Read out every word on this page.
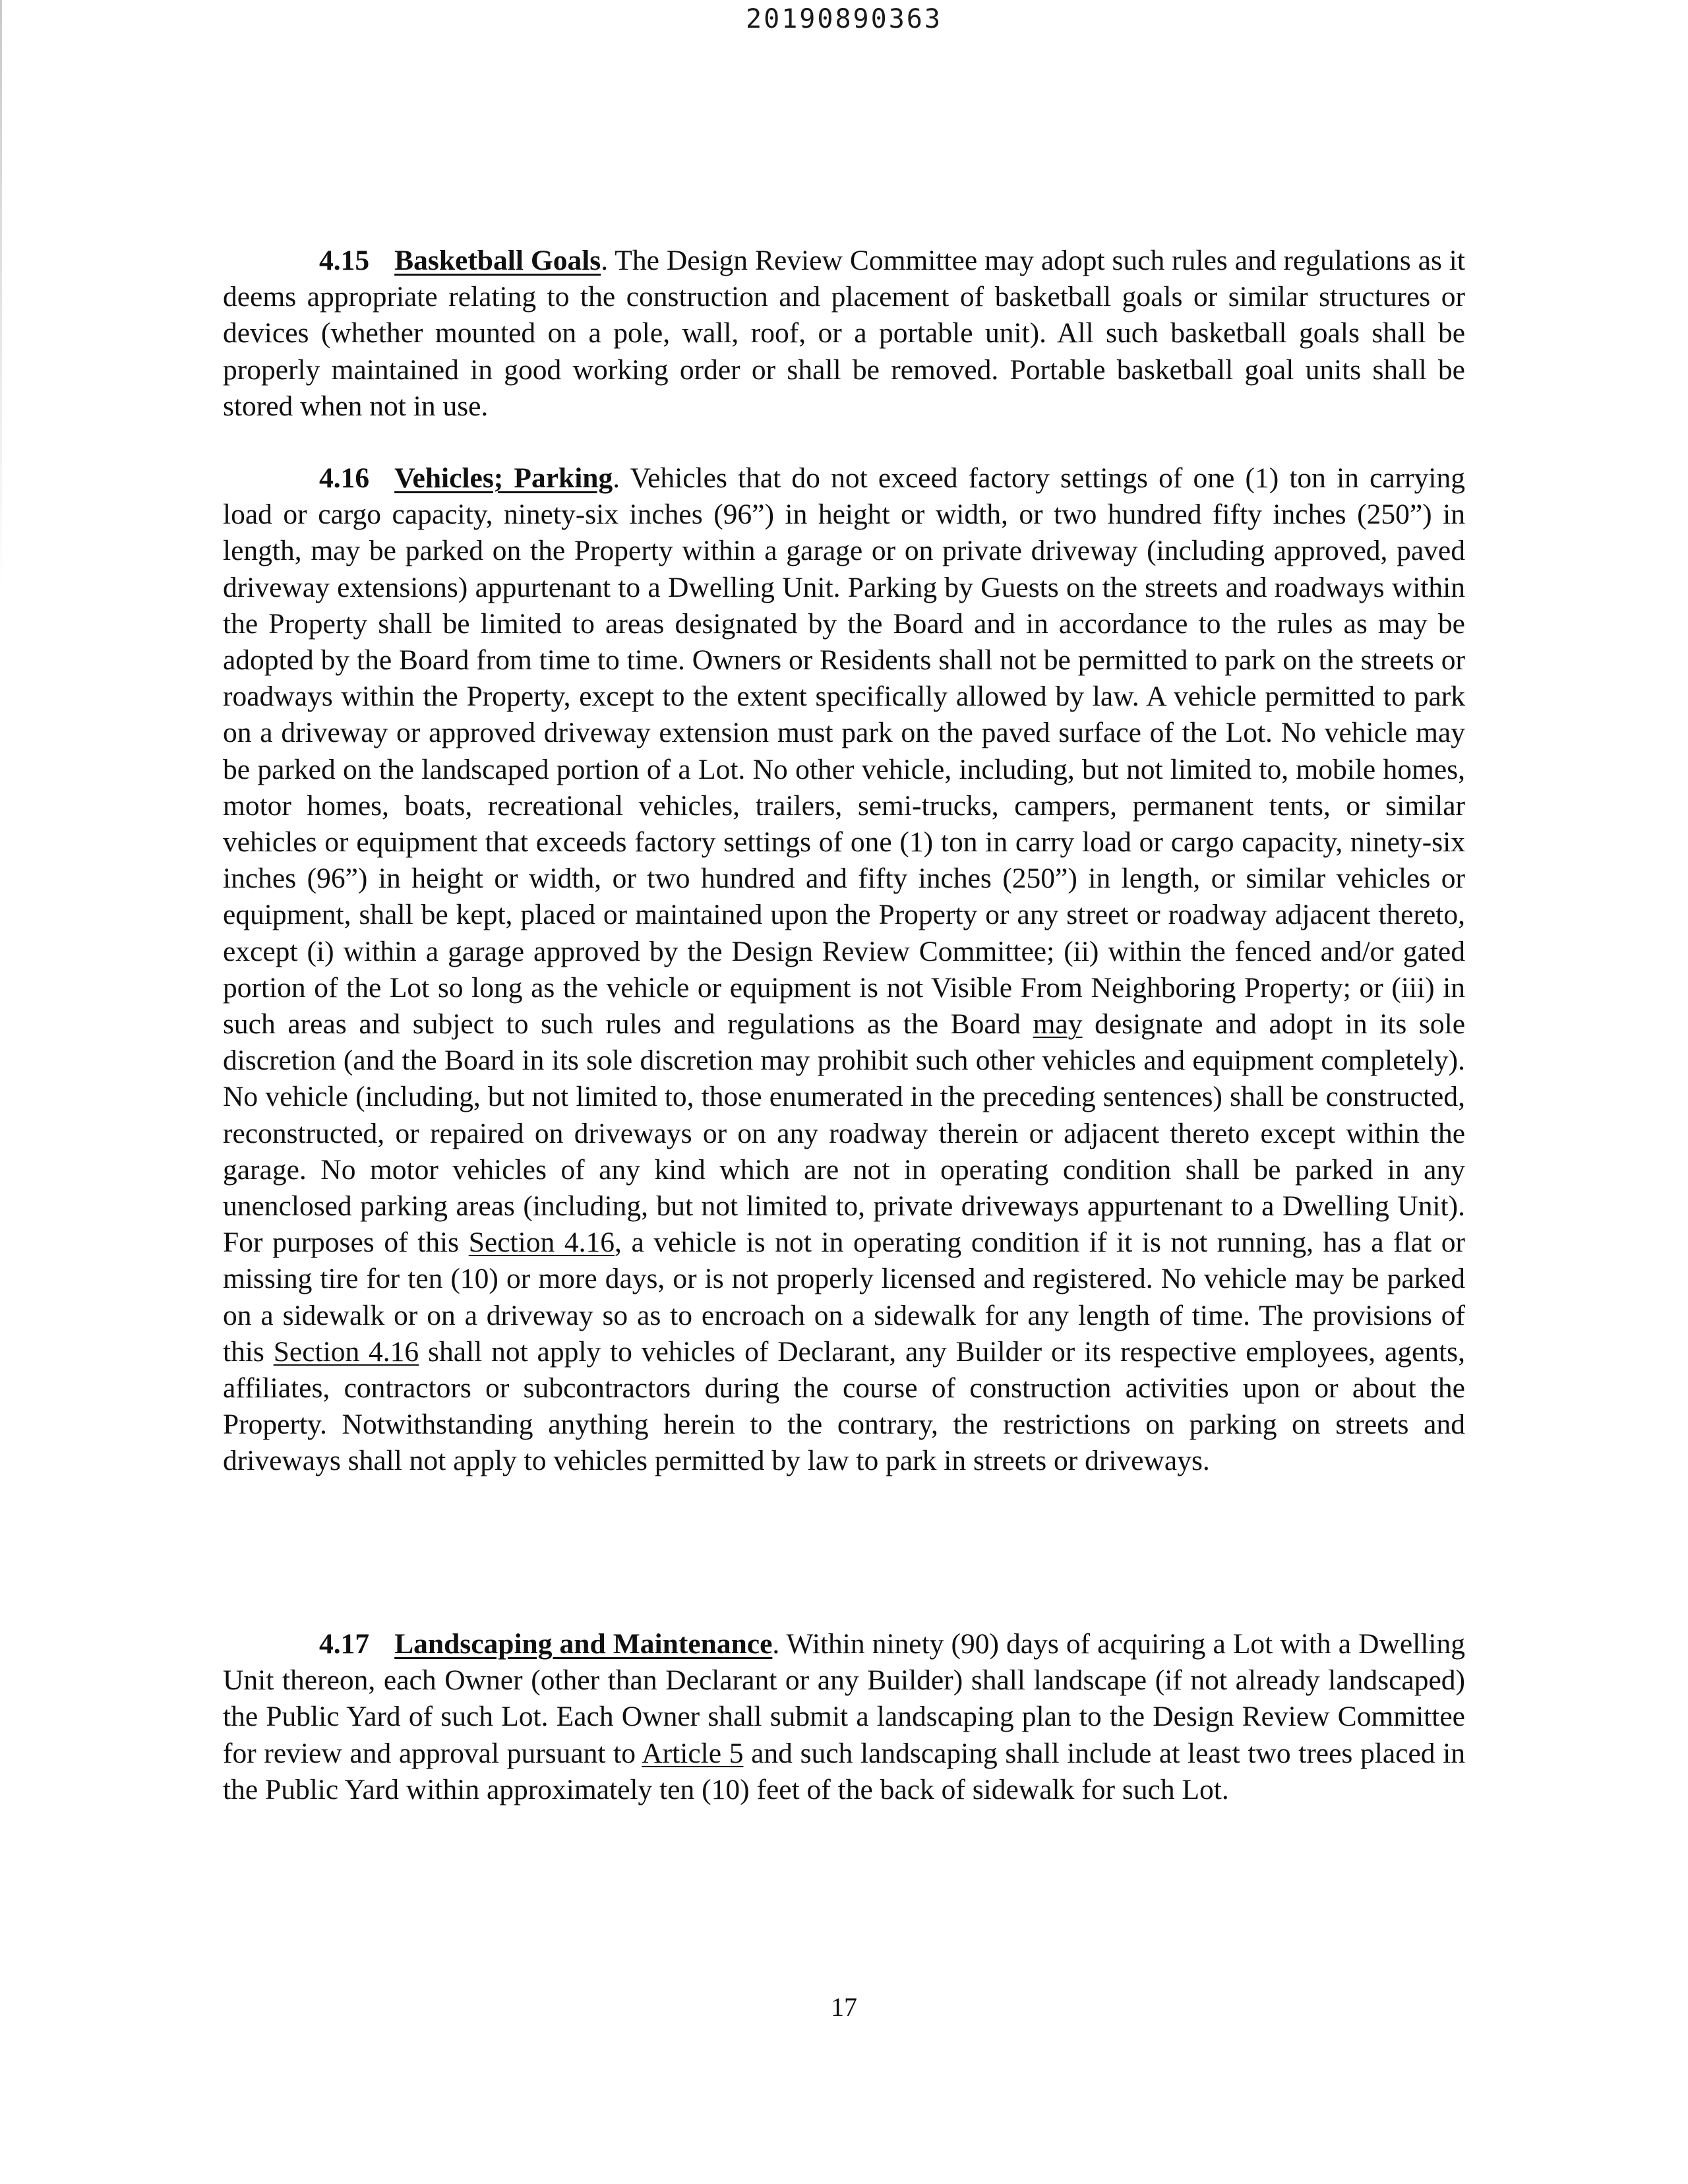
20190890363

4.15 Basketball Goals. The Design Review Committee may adopt such rules and regulations as it deems appropriate relating to the construction and placement of basketball goals or similar structures or devices (whether mounted on a pole, wall, roof, or a portable unit). All such basketball goals shall be properly maintained in good working order or shall be removed. Portable basketball goal units shall be stored when not in use.

4.16 Vehicles; Parking. Vehicles that do not exceed factory settings of one (1) ton in carrying load or cargo capacity, ninety-six inches (96”) in height or width, or two hundred fifty inches (250”) in length, may be parked on the Property within a garage or on private driveway (including approved, paved driveway extensions) appurtenant to a Dwelling Unit. Parking by Guests on the streets and roadways within the Property shall be limited to areas designated by the Board and in accordance to the rules as may be adopted by the Board from time to time. Owners or Residents shall not be permitted to park on the streets or roadways within the Property, except to the extent specifically allowed by law. A vehicle permitted to park on a driveway or approved driveway extension must park on the paved surface of the Lot. No vehicle may be parked on the landscaped portion of a Lot. No other vehicle, including, but not limited to, mobile homes, motor homes, boats, recreational vehicles, trailers, semi-trucks, campers, permanent tents, or similar vehicles or equipment that exceeds factory settings of one (1) ton in carry load or cargo capacity, ninety-six inches (96”) in height or width, or two hundred and fifty inches (250”) in length, or similar vehicles or equipment, shall be kept, placed or maintained upon the Property or any street or roadway adjacent thereto, except (i) within a garage approved by the Design Review Committee; (ii) within the fenced and/or gated portion of the Lot so long as the vehicle or equipment is not Visible From Neighboring Property; or (iii) in such areas and subject to such rules and regulations as the Board may designate and adopt in its sole discretion (and the Board in its sole discretion may prohibit such other vehicles and equipment completely). No vehicle (including, but not limited to, those enumerated in the preceding sentences) shall be constructed, reconstructed, or repaired on driveways or on any roadway therein or adjacent thereto except within the garage. No motor vehicles of any kind which are not in operating condition shall be parked in any unenclosed parking areas (including, but not limited to, private driveways appurtenant to a Dwelling Unit). For purposes of this Section 4.16, a vehicle is not in operating condition if it is not running, has a flat or missing tire for ten (10) or more days, or is not properly licensed and registered. No vehicle may be parked on a sidewalk or on a driveway so as to encroach on a sidewalk for any length of time. The provisions of this Section 4.16 shall not apply to vehicles of Declarant, any Builder or its respective employees, agents, affiliates, contractors or subcontractors during the course of construction activities upon or about the Property. Notwithstanding anything herein to the contrary, the restrictions on parking on streets and driveways shall not apply to vehicles permitted by law to park in streets or driveways.

4.17 Landscaping and Maintenance. Within ninety (90) days of acquiring a Lot with a Dwelling Unit thereon, each Owner (other than Declarant or any Builder) shall landscape (if not already landscaped) the Public Yard of such Lot. Each Owner shall submit a landscaping plan to the Design Review Committee for review and approval pursuant to Article 5 and such landscaping shall include at least two trees placed in the Public Yard within approximately ten (10) feet of the back of sidewalk for such Lot.

17
